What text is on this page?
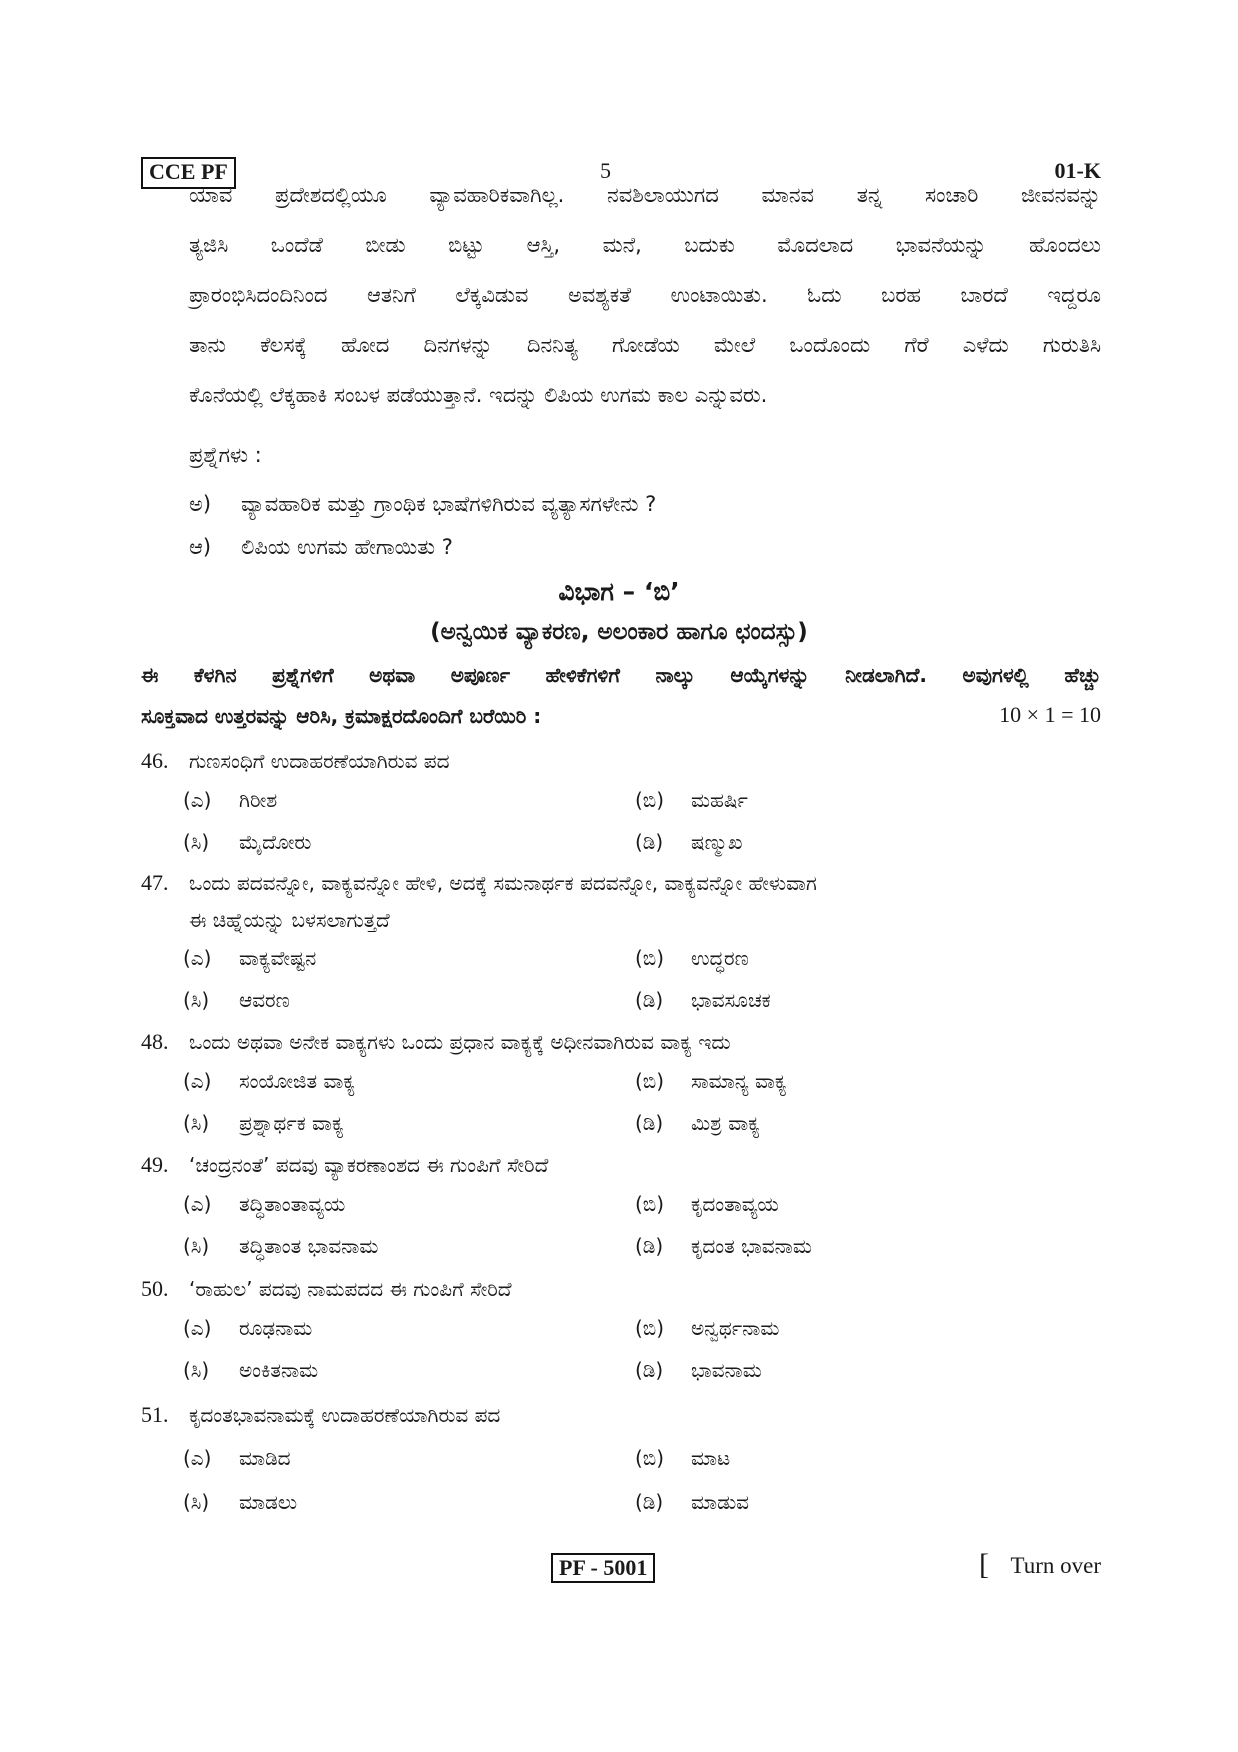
CCE PF	5	01-K
ಯಾವ ಪ್ರದೇಶದಲ್ಲಿಯೂ ವ್ಯಾವಹಾರಿಕವಾಗಿಲ್ಲ. ನವಶಿಲಾಯುಗದ ಮಾನವ ತನ್ನ ಸಂಚಾರಿ ಜೀವನವನ್ನು
ತ್ಯಜಿಸಿ ಒಂದೆಡೆ ಬೀಡು ಬಿಟ್ಟು ಆಸ್ತಿ, ಮನೆ, ಬದುಕು ಮೊದಲಾದ ಭಾವನೆಯನ್ನು ಹೊಂದಲು
ಪ್ರಾರಂಭಿಸಿದಂದಿನಿಂದ ಆತನಿಗೆ ಲೆಕ್ಕವಿಡುವ ಅವಶ್ಯಕತೆ ಉಂಟಾಯಿತು. ಓದು ಬರಹ ಬಾರದೆ ಇದ್ದರೂ
ತಾನು ಕೆಲಸಕ್ಕೆ ಹೋದ ದಿನಗಳನ್ನು ದಿನನಿತ್ಯ ಗೋಡೆಯ ಮೇಲೆ ಒಂದೊಂದು ಗೆರೆ ಎಳೆದು ಗುರುತಿಸಿ
ಕೊನೆಯಲ್ಲಿ ಲೆಕ್ಕಹಾಕಿ ಸಂಬಳ ಪಡೆಯುತ್ತಾನೆ. ಇದನ್ನು ಲಿಪಿಯ ಉಗಮ ಕಾಲ ಎನ್ನುವರು.
ಪ್ರಶ್ನೆಗಳು :
ಅ) ವ್ಯಾವಹಾರಿಕ ಮತ್ತು ಗ್ರಾಂಥಿಕ ಭಾಷೆಗಳಿಗಿರುವ ವ್ಯತ್ಯಾಸಗಳೇನು ?
ಆ) ಲಿಪಿಯ ಉಗಮ ಹೇಗಾಯಿತು ?
ವಿಭಾಗ – ‘ಬಿ’
(ಅನ್ವಯಿಕ ವ್ಯಾಕರಣ, ಅಲಂಕಾರ ಹಾಗೂ ಛಂದಸ್ಸು)
ಈ ಕೆಳಗಿನ ಪ್ರಶ್ನೆಗಳಿಗೆ ಅಥವಾ ಅಪೂರ್ಣ ಹೇಳಿಕೆಗಳಿಗೆ ನಾಲ್ಕು ಆಯ್ಕೆಗಳನ್ನು ನೀಡಲಾಗಿದೆ. ಅವುಗಳಲ್ಲಿ ಹೆಚ್ಚು
ಸೂಕ್ತವಾದ ಉತ್ತರವನ್ನು ಆರಿಸಿ, ಕ್ರಮಾಕ್ಷರದೊಂದಿಗೆ ಬರೆಯಿರಿ :	10 × 1 = 10
46. ಗುಣಸಂಧಿಗೆ ಉದಾಹರಣೆಯಾಗಿರುವ ಪದ
(ಎ) ಗಿರೀಶ	(ಬಿ) ಮಹರ್ಷಿ
(ಸಿ) ಮೈದೋರು	(ಡಿ) ಷಣ್ಮುಖ
47. ಒಂದು ಪದವನ್ನೋ, ವಾಕ್ಯವನ್ನೋ ಹೇಳಿ, ಅದಕ್ಕೆ ಸಮನಾರ್ಥಕ ಪದವನ್ನೋ, ವಾಕ್ಯವನ್ನೋ ಹೇಳುವಾಗ
ಈ ಚಿಹ್ನೆಯನ್ನು ಬಳಸಲಾಗುತ್ತದೆ
(ಎ) ವಾಕ್ಯವೇಷ್ಟನ	(ಬಿ) ಉದ್ಧರಣ
(ಸಿ) ಆವರಣ	(ಡಿ) ಭಾವಸೂಚಕ
48. ಒಂದು ಅಥವಾ ಅನೇಕ ವಾಕ್ಯಗಳು ಒಂದು ಪ್ರಧಾನ ವಾಕ್ಯಕ್ಕೆ ಅಧೀನವಾಗಿರುವ ವಾಕ್ಯ ಇದು
(ಎ) ಸಂಯೋಜಿತ ವಾಕ್ಯ	(ಬಿ) ಸಾಮಾನ್ಯ ವಾಕ್ಯ
(ಸಿ) ಪ್ರಶ್ನಾರ್ಥಕ ವಾಕ್ಯ	(ಡಿ) ಮಿಶ್ರ ವಾಕ್ಯ
49. ‘ಚಂದ್ರನಂತೆ’ ಪದವು ವ್ಯಾಕರಣಾಂಶದ ಈ ಗುಂಪಿಗೆ ಸೇರಿದೆ
(ಎ) ತದ್ಧಿತಾಂತಾವ್ಯಯ	(ಬಿ) ಕೃದಂತಾವ್ಯಯ
(ಸಿ) ತದ್ಧಿತಾಂತ ಭಾವನಾಮ	(ಡಿ) ಕೃದಂತ ಭಾವನಾಮ
50. ‘ರಾಹುಲ’ ಪದವು ನಾಮಪದದ ಈ ಗುಂಪಿಗೆ ಸೇರಿದೆ
(ಎ) ರೂಢನಾಮ	(ಬಿ) ಅನ್ವರ್ಥನಾಮ
(ಸಿ) ಅಂಕಿತನಾಮ	(ಡಿ) ಭಾವನಾಮ
51. ಕೃದಂತಭಾವನಾಮಕ್ಕೆ ಉದಾಹರಣೆಯಾಗಿರುವ ಪದ
(ಎ) ಮಾಡಿದ	(ಬಿ) ಮಾಟ
(ಸಿ) ಮಾಡಲು	(ಡಿ) ಮಾಡುವ
PF - 5001	[ Turn over
